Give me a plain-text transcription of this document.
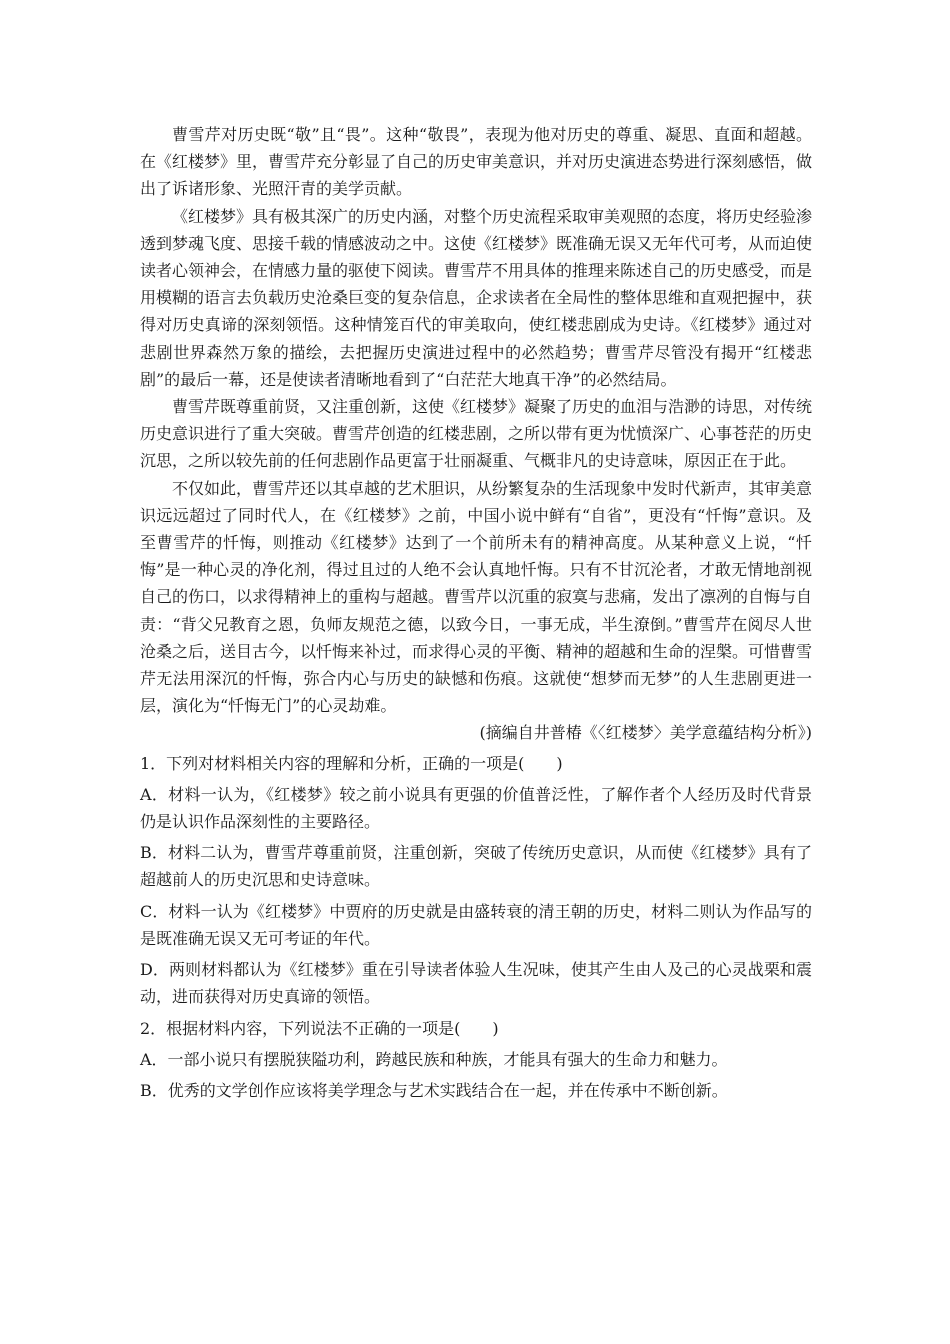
曹雪芹对历史既“敬”且“畏”。这种“敬畏”，表现为他对历史的尊重、凝思、直面和超越。在《红楼梦》里，曹雪芹充分彰显了自己的历史审美意识，并对历史演进态势进行深刻感悟，做出了诉诸形象、光照汗青的美学贡献。

《红楼梦》具有极其深广的历史内涵，对整个历史流程采取审美观照的态度，将历史经验渗透到梦魂飞度、思接千载的情感波动之中。这使《红楼梦》既准确无误又无年代可考，从而迫使读者心领神会，在情感力量的驱使下阅读。曹雪芹不用具体的推理来陈述自己的历史感受，而是用模糊的语言去负载历史沧桑巨变的复杂信息，企求读者在全局性的整体思维和直观把握中，获得对历史真谛的深刻领悟。这种情笼百代的审美取向，使红楼悲剧成为史诗。《红楼梦》通过对悲剧世界森然万象的描绘，去把握历史演进过程中的必然趋势；曹雪芹尽管没有揭开“红楼悲剧”的最后一幕，还是使读者清晰地看到了“白茫茫大地真干净”的必然结局。

曹雪芹既尊重前贤，又注重创新，这使《红楼梦》凝聚了历史的血泪与浩渺的诗思，对传统历史意识进行了重大突破。曹雪芹创造的红楼悲剧，之所以带有更为忧愤深广、心事苍茫的历史沉思，之所以较先前的任何悲剧作品更富于壮丽凝重、气概非凡的史诗意味，原因正在于此。

不仅如此，曹雪芹还以其卓越的艺术胆识，从纷繁复杂的生活现象中发时代新声，其审美意识远远超过了同时代人，在《红楼梦》之前，中国小说中鲜有“自省”，更没有“忏悔”意识。及至曹雪芹的忏悔，则推动《红楼梦》达到了一个前所未有的精神高度。从某种意义上说，“忏悔”是一种心灵的净化剂，得过且过的人绝不会认真地忏悔。只有不甘沉沦者，才敢无情地剖视自己的伤口，以求得精神上的重构与超越。曹雪芹以沉重的寂寞与悲痛，发出了凛冽的自悔与自责：“背父兄教育之恩，负师友规范之德，以致今日，一事无成，半生潦倒。”曹雪芹在阅尽人世沧桑之后，送目古今，以忏悔来补过，而求得心灵的平衡、精神的超越和生命的涅槃。可惜曹雪芹无法用深沉的忏悔，弥合内心与历史的缺憾和伤痕。这就使“想梦而无梦”的人生悲剧更进一层，演化为“忏悔无门”的心灵劫难。

(摘编自井普椿《〈红楼梦〉美学意蕴结构分析》)

1．下列对材料相关内容的理解和分析，正确的一项是(　　)

A．材料一认为，《红楼梦》较之前小说具有更强的价值普泛性，了解作者个人经历及时代背景仍是认识作品深刻性的主要路径。

B．材料二认为，曹雪芹尊重前贤，注重创新，突破了传统历史意识，从而使《红楼梦》具有了超越前人的历史沉思和史诗意味。

C．材料一认为《红楼梦》中贾府的历史就是由盛转衰的清王朝的历史，材料二则认为作品写的是既准确无误又无可考证的年代。

D．两则材料都认为《红楼梦》重在引导读者体验人生况味，使其产生由人及己的心灵战栗和震动，进而获得对历史真谛的领悟。

2．根据材料内容，下列说法不正确的一项是(　　)

A．一部小说只有摆脱狭隘功利，跨越民族和种族，才能具有强大的生命力和魅力。

B．优秀的文学创作应该将美学理念与艺术实践结合在一起，并在传承中不断创新。
